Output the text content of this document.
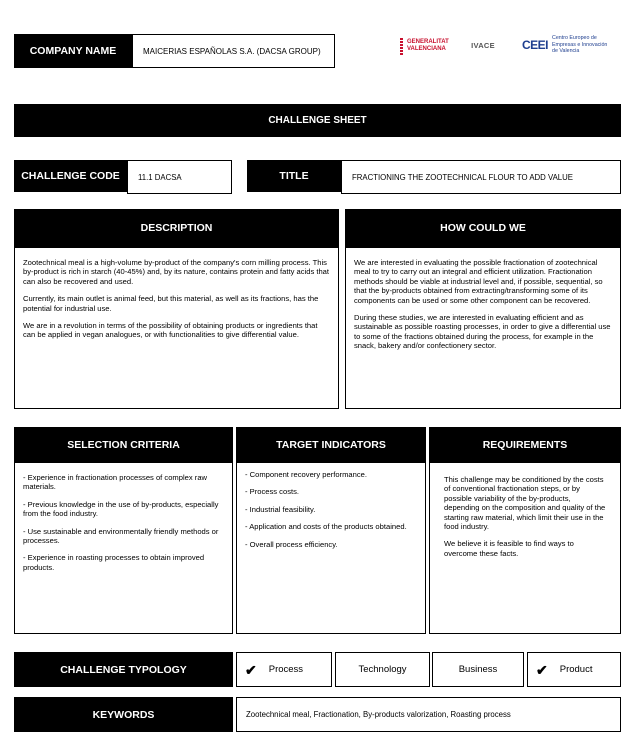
COMPANY NAME	MAICERIAS ESPAÑOLAS S.A. (DACSA GROUP)
GENERALITAT
VALENCIANA	IVACE CEEI Centro Europeo de
Empresas e Innovación
de Valencia
CHALLENGE SHEET
CHALLENGE CODE 11.1 DACSA	TITLE	FRACTIONING THE ZOOTECHNICAL FLOUR TO ADD VALUE
DESCRIPTION

Zootechnical meal is a high-volume by-product of the company's corn milling process. This by-product is rich in starch (40-45%) and, by its nature, contains protein and fatty acids that can also be recovered and used.

Currently, its main outlet is animal feed, but this material, as well as its fractions, has the potential for industrial use.

We are in a revolution in terms of the possibility of obtaining products or ingredients that can be applied in vegan analogues, or with functionalities to give differential value.

HOW COULD WE

We are interested in evaluating the possible fractionation of zootechnical meal to try to carry out an integral and efficient utilization. Fractionation methods should be viable at industrial level and, if possible, sequential, so that the by-products obtained from extracting/transforming some of its components can be used or some other component can be recovered.

During these studies, we are interested in evaluating efficient and as sustainable as possible roasting processes, in order to give a differential use to some of the fractions obtained during the process, for example in the snack, bakery and/or confectionery sector.

SELECTION CRITERIA
- Experience in fractionation processes of complex raw materials.
- Previous knowledge in the use of by-products, especially from the food industry.
- Use sustainable and environmentally friendly methods or processes.
- Experience in roasting processes to obtain improved products.
TARGET INDICATORS
- Component recovery performance.
- Process costs.
- Industrial feasibility.
- Application and costs of the products obtained.
- Overall process efficiency.
REQUIREMENTS
This challenge may be conditioned by the costs of conventional fractionation steps, or by possible variability of the by-products, depending on the composition and quality of the starting raw material, which limit their use in the food industry.
We believe it is feasible to find ways to overcome these facts.
CHALLENGE TYPOLOGY	✔ Process	Technology	Business	✔ Product
KEYWORDS	Zootechnical meal, Fractionation, By-products valorization, Roasting process
